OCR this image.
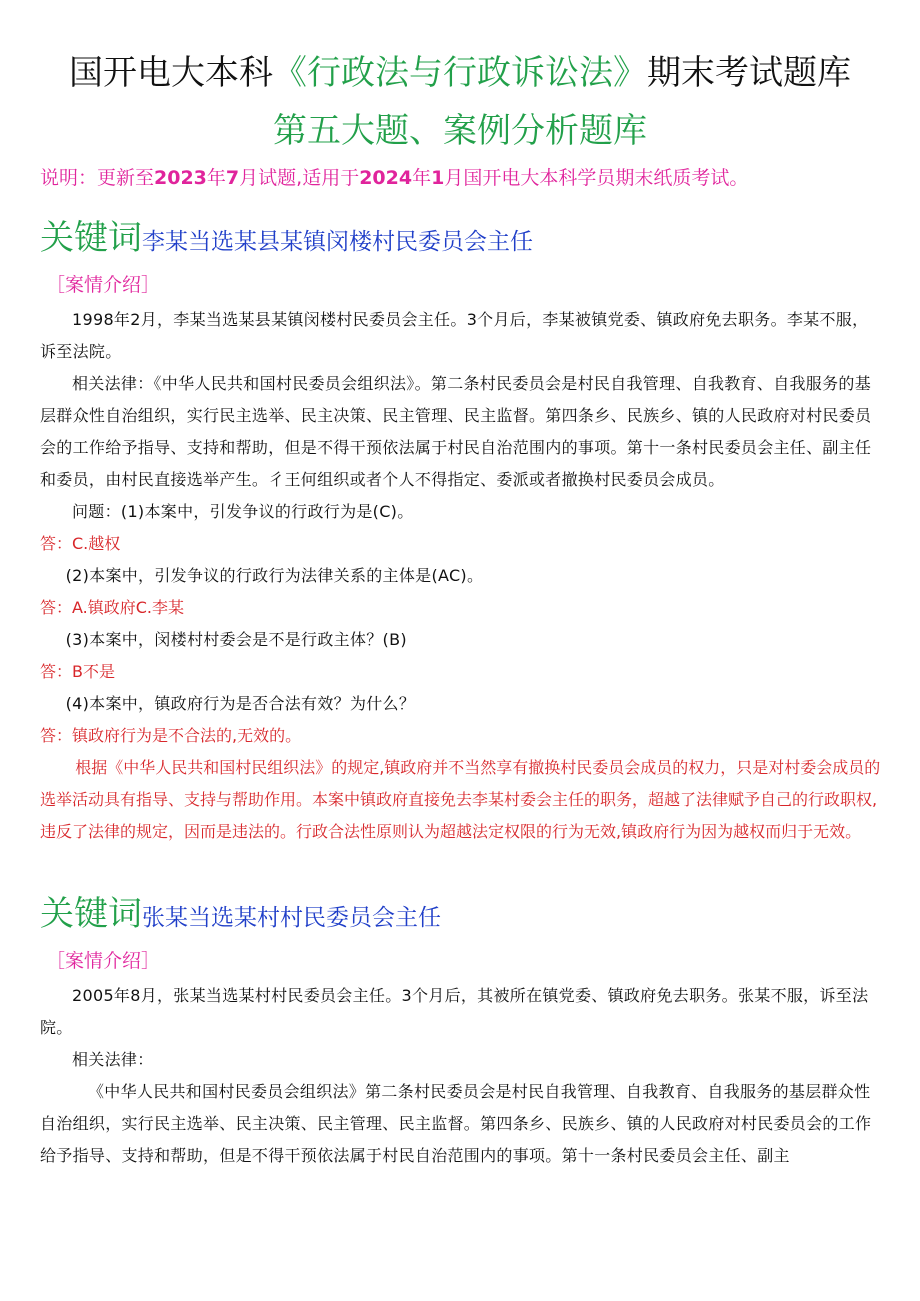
国开电大本科《行政法与行政诉讼法》期末考试题库
第五大题、案例分析题库
说明：更新至2023年7月试题,适用于2024年1月国开电大本科学员期末纸质考试。
关键词李某当选某县某镇闵楼村民委员会主任
［案情介绍］

1998年2月，李某当选某县某镇闵楼村民委员会主任。3个月后，李某被镇党委、镇政府免去职务。李某不服，诉至法院。

相关法律：《中华人民共和国村民委员会组织法》。第二条村民委员会是村民自我管理、自我教育、自我服务的基层群众性自治组织，实行民主选举、民主决策、民主管理、民主监督。第四条乡、民族乡、镇的人民政府对村民委员会的工作给予指导、支持和帮助，但是不得干预依法属于村民自治范围内的事项。第十一条村民委员会主任、副主任和委员，由村民直接选举产生。彳王何组织或者个人不得指定、委派或者撤换村民委员会成员。

问题：(1)本案中，引发争议的行政行为是(C)。

答：C.越权

(2)本案中，引发争议的行政行为法律关系的主体是(AC)。

答：A.镇政府C.李某

(3)本案中，闵楼村村委会是不是行政主体？(B)

答：B不是

(4)本案中，镇政府行为是否合法有效？为什么？

答：镇政府行为是不合法的,无效的。

根据《中华人民共和国村民组织法》的规定,镇政府并不当然享有撤换村民委员会成员的权力，只是对村委会成员的选举活动具有指导、支持与帮助作用。本案中镇政府直接免去李某村委会主任的职务，超越了法律赋予自己的行政职权,违反了法律的规定，因而是违法的。行政合法性原则认为超越法定权限的行为无效,镇政府行为因为越权而归于无效。

关键词张某当选某村村民委员会主任
［案情介绍］

2005年8月，张某当选某村村民委员会主任。3个月后，其被所在镇党委、镇政府免去职务。张某不服，诉至法院。

相关法律：

《中华人民共和国村民委员会组织法》第二条村民委员会是村民自我管理、自我教育、自我服务的基层群众性自治组织，实行民主选举、民主决策、民主管理、民主监督。第四条乡、民族乡、镇的人民政府对村民委员会的工作给予指导、支持和帮助，但是不得干预依法属于村民自治范围内的事项。第十一条村民委员会主任、副主
